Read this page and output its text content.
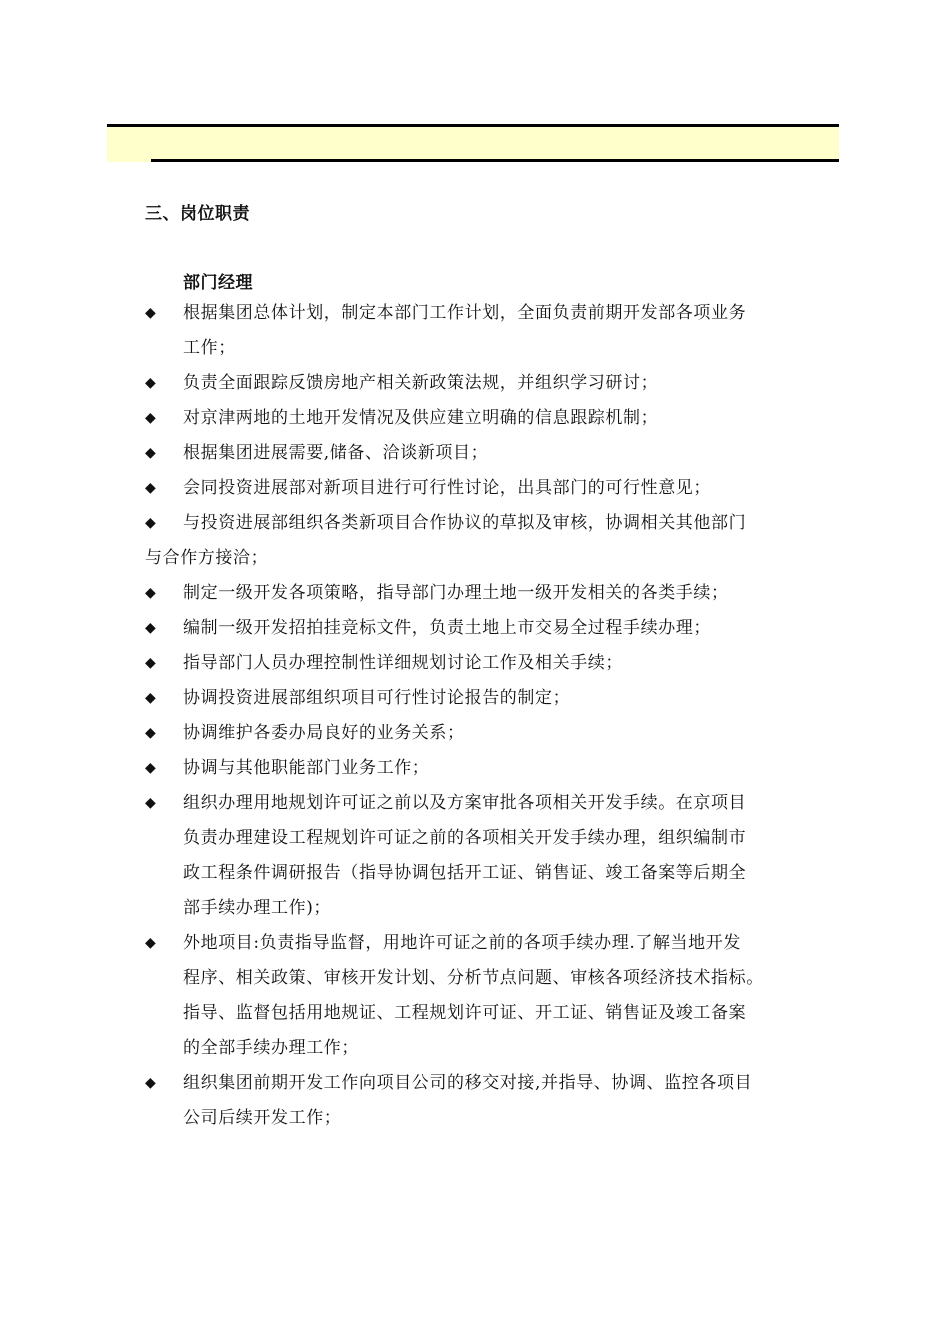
三、岗位职责
部门经理
◆ 根据集团总体计划，制定本部门工作计划，全面负责前期开发部各项业务
工作；
◆ 负责全面跟踪反馈房地产相关新政策法规，并组织学习研讨；
◆ 对京津两地的土地开发情况及供应建立明确的信息跟踪机制；
◆ 根据集团进展需要,储备、洽谈新项目；
◆ 会同投资进展部对新项目进行可行性讨论，出具部门的可行性意见；
◆ 与投资进展部组织各类新项目合作协议的草拟及审核，协调相关其他部门
与合作方接洽；
◆ 制定一级开发各项策略，指导部门办理土地一级开发相关的各类手续；
◆ 编制一级开发招拍挂竞标文件，负责土地上市交易全过程手续办理；
◆ 指导部门人员办理控制性详细规划讨论工作及相关手续；
◆ 协调投资进展部组织项目可行性讨论报告的制定；
◆ 协调维护各委办局良好的业务关系；
◆ 协调与其他职能部门业务工作；
◆ 组织办理用地规划许可证之前以及方案审批各项相关开发手续。在京项目
负责办理建设工程规划许可证之前的各项相关开发手续办理，组织编制市
政工程条件调研报告（指导协调包括开工证、销售证、竣工备案等后期全
部手续办理工作)；
◆ 外地项目:负责指导监督，用地许可证之前的各项手续办理.了解当地开发
程序、相关政策、审核开发计划、分析节点问题、审核各项经济技术指标。
指导、监督包括用地规证、工程规划许可证、开工证、销售证及竣工备案
的全部手续办理工作；
◆ 组织集团前期开发工作向项目公司的移交对接,并指导、协调、监控各项目
公司后续开发工作；
